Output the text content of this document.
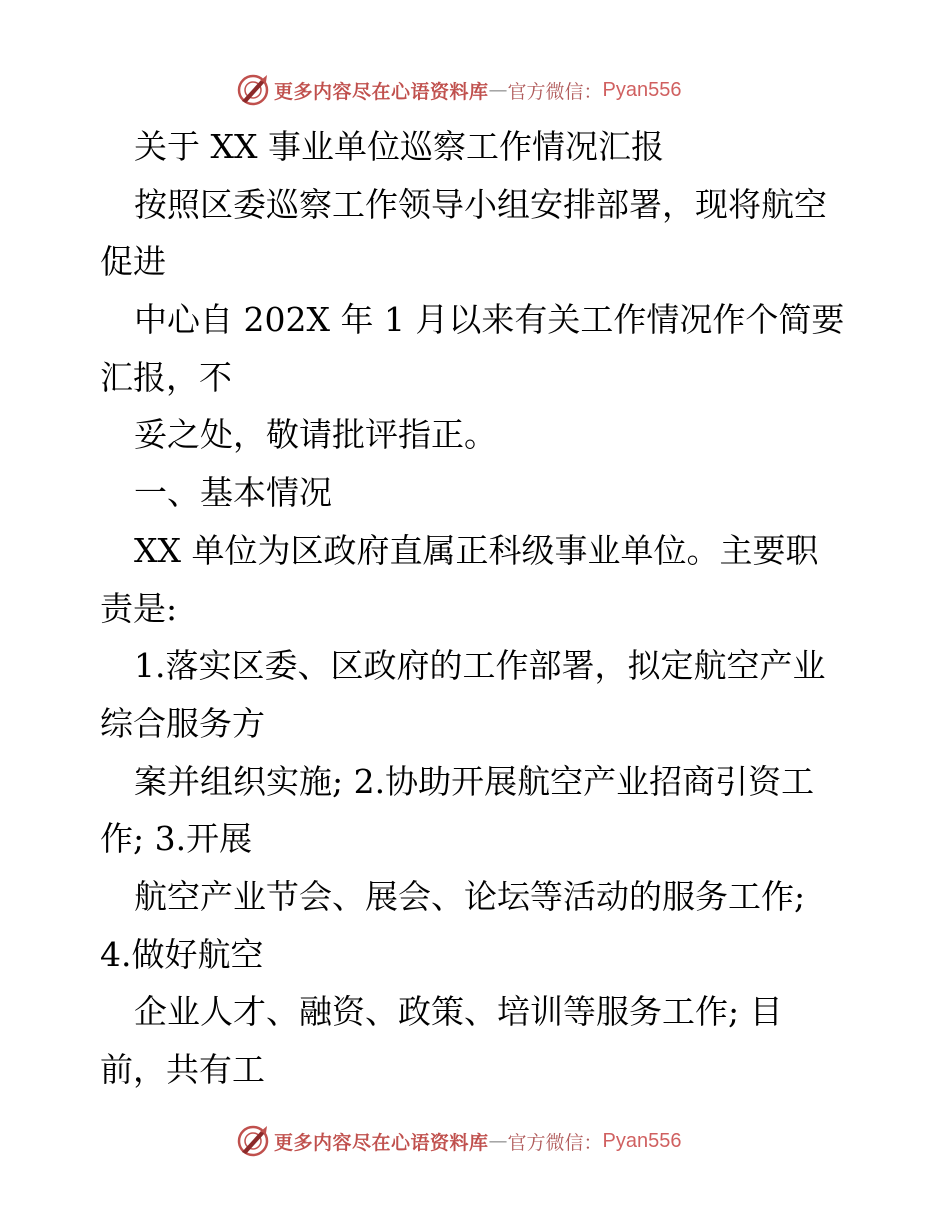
更多内容尽在心语资料库 — 官方微信： Pyan556
关于 XX 事业单位巡察工作情况汇报
按照区委巡察工作领导小组安排部署，现将航空
促进
中心自 202X 年 1 月以来有关工作情况作个简要
汇报，不
妥之处，敬请批评指正。
一、基本情况
XX 单位为区政府直属正科级事业单位。主要职
责是:
1.落实区委、区政府的工作部署，拟定航空产业
综合服务方
案并组织实施; 2.协助开展航空产业招商引资工
作; 3.开展
航空产业节会、展会、论坛等活动的服务工作;
4.做好航空
企业人才、融资、政策、培训等服务工作; 目
前，共有工
更多内容尽在心语资料库 — 官方微信： Pyan556
